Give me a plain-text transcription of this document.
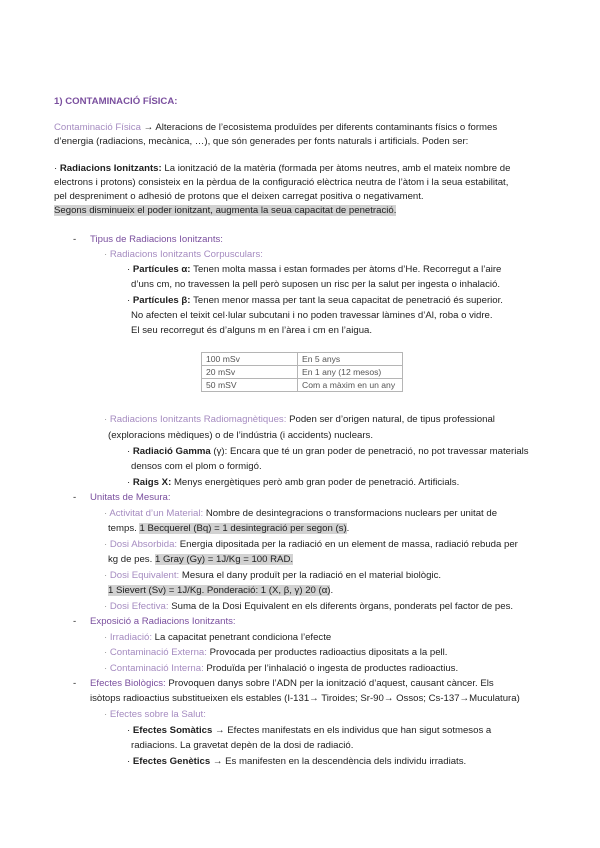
1) CONTAMINACIÓ FÍSICA:
Contaminació Física → Alteracions de l’ecosistema produïdes per diferents contaminants físics o formes
d’energia (radiacions, mecànica, …), que són generades per fonts naturals i artificials. Poden ser:
· Radiacions Ionitzants: La ionització de la matèria (formada per àtoms neutres, amb el mateix nombre de
electrons i protons) consisteix en la pèrdua de la configuració elèctrica neutra de l’àtom i la seua estabilitat,
pel despreniment o adhesió de protons que el deixen carregat positiva o negativament.
Segons disminueix el poder ionitzant, augmenta la seua capacitat de penetració.
- Tipus de Radiacions Ionitzants:
· Radiacions Ionitzants Corpusculars:
· Partícules α: Tenen molta massa i estan formades per àtoms d’He. Recorregut a l’aire
d’uns cm, no travessen la pell però suposen un risc per la salut per ingesta o inhalació.
· Partícules β: Tenen menor massa per tant la seua capacitat de penetració és superior.
No afecten el teixit cel·lular subcutani i no poden travessar làmines d’Al, roba o vidre.
El seu recorregut és d’alguns m en l’àrea i cm en l’aigua.
100 mSv	En 5 anys
20 mSv	En 1 any (12 mesos)
50 mSV	Com a màxim en un any
· Radiacions Ionitzants Radiomagnètiques: Poden ser d’origen natural, de tipus professional
(exploracions mèdiques) o de l’indústria (i accidents) nuclears.
· Radiació Gamma (γ): Encara que té un gran poder de penetració, no pot travessar materials
densos com el plom o formigó.
· Raigs X: Menys energètiques però amb gran poder de penetració. Artificials.
- Unitats de Mesura:
· Activitat d’un Material: Nombre de desintegracions o transformacions nuclears per unitat de
temps. 1 Becquerel (Bq) = 1 desintegració per segon (s).
· Dosi Absorbida: Energia dipositada per la radiació en un element de massa, radiació rebuda per
kg de pes. 1 Gray (Gy) = 1J/Kg = 100 RAD.
· Dosi Equivalent: Mesura el dany produït per la radiació en el material biològic.
1 Sievert (Sv) = 1J/Kg. Ponderació: 1 (X, β, γ) 20 (α).
· Dosi Efectiva: Suma de la Dosi Equivalent en els diferents òrgans, ponderats pel factor de pes.
- Exposició a Radiacions Ionitzants:
· Irradiació: La capacitat penetrant condiciona l’efecte
· Contaminació Externa: Provocada per productes radioactius dipositats a la pell.
· Contaminació Interna: Produïda per l’inhalació o ingesta de productes radioactius.
- Efectes Biològics: Provoquen danys sobre l’ADN per la ionització d’aquest, causant càncer. Els
isòtops radioactius substitueixen els estables (I-131→ Tiroides; Sr-90→ Ossos; Cs-137→Muculatura)
· Efectes sobre la Salut:
· Efectes Somàtics → Efectes manifestats en els individus que han sigut sotmesos a
radiacions. La gravetat depèn de la dosi de radiació.
· Efectes Genètics → Es manifesten en la descendència dels individu irradiats.
